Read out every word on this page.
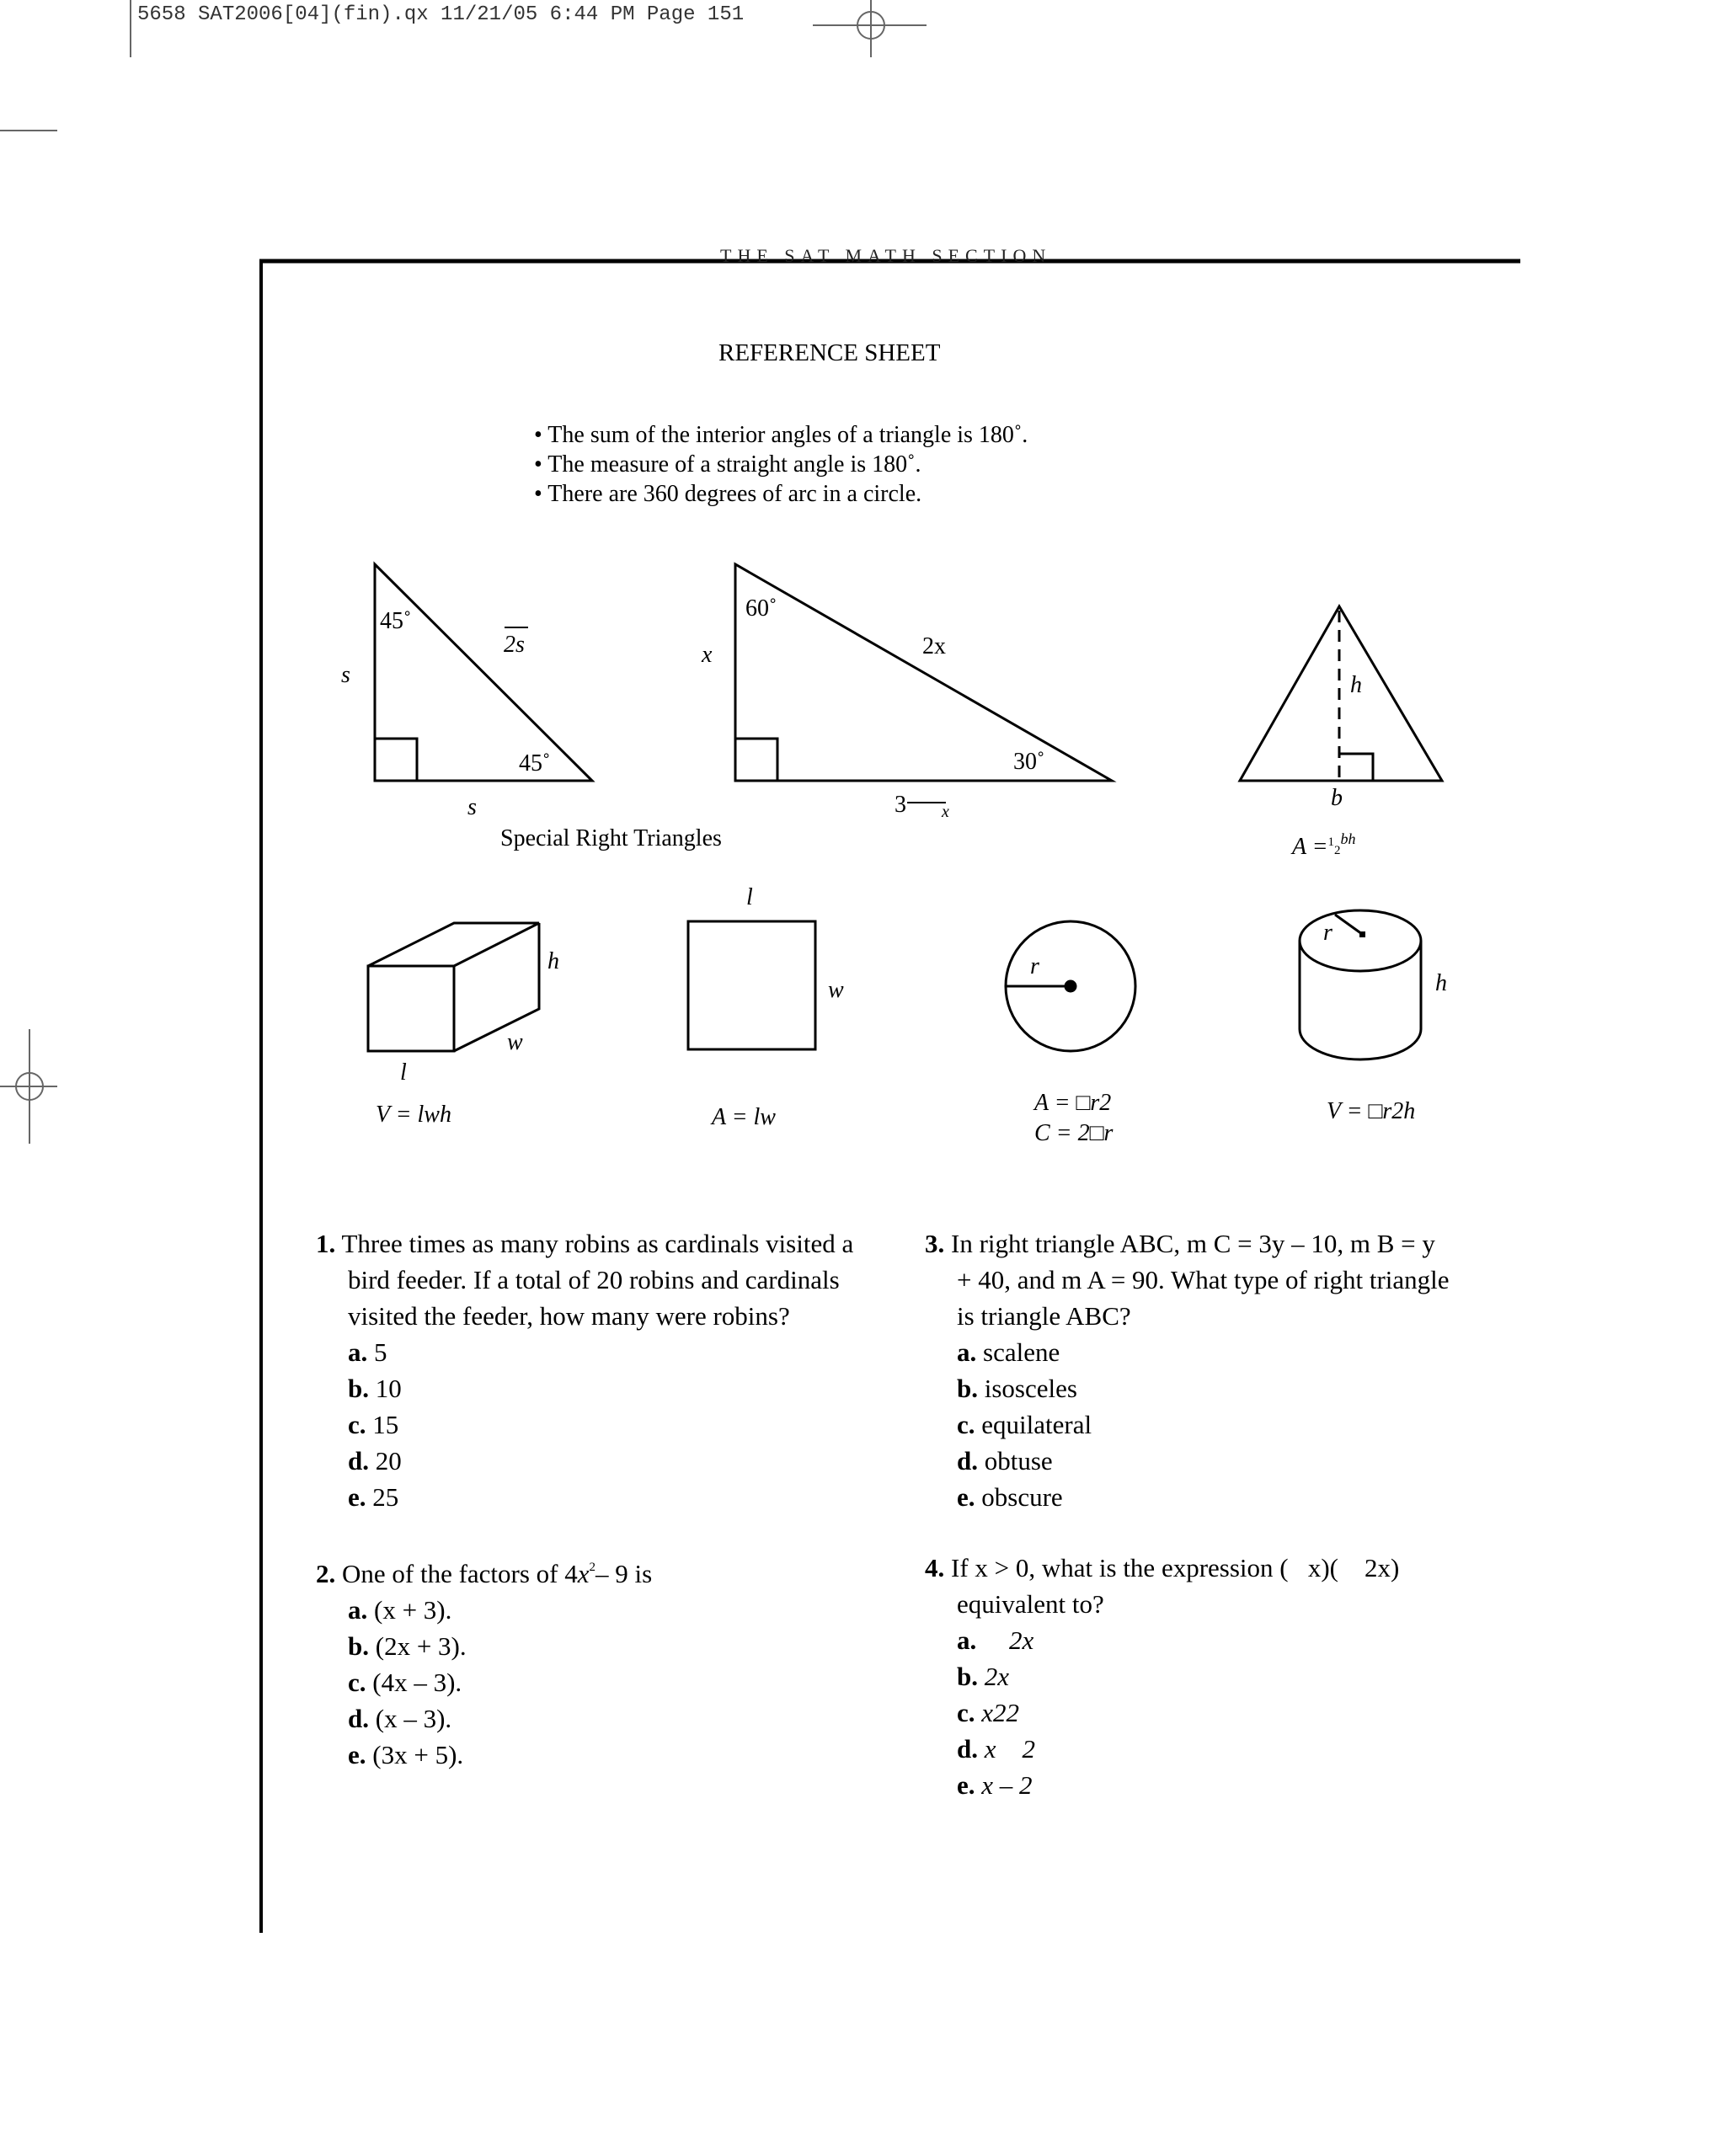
5658 SAT2006[04](fin).qx 11/21/05 6:44 PM Page 151
THE SAT MATH SECTION
REFERENCE SHEET
• The sum of the interior angles of a triangle is 180˚.
• The measure of a straight angle is 180˚.
• There are 360 degrees of arc in a circle.
45˚
2s
s
45˚
s
60˚
2x
x
30˚
3 x
Special Right Triangles
h
b
$A =^12^{bh}$
h
w
l
V = lwh
l
w
A = lw
r
A = □r2
C = 2□r
r
h
V = □r2h
1. Three times as many robins as cardinals visited a
bird feeder. If a total of 20 robins and cardinals
visited the feeder, how many were robins?
a. 5
b. 10
c. 15
d. 20
e. 25
2. One of the factors of $4x^2-$ 9 is
a. (x + 3).
b. (2x + 3).
c. (4x – 3).
d. (x – 3).
e. (3x + 5).
3. In right triangle ABC, m C = 3y – 10, m B = y
+ 40, and m A = 90. What type of right triangle
is triangle ABC?
a. scalene
b. isosceles
c. equilateral
d. obtuse
e. obscure
4. If x > 0, what is the expression (   x)(    2x)
equivalent to?
a.     2x
b. 2x
c. x22
d. x    2
e. x – 2
